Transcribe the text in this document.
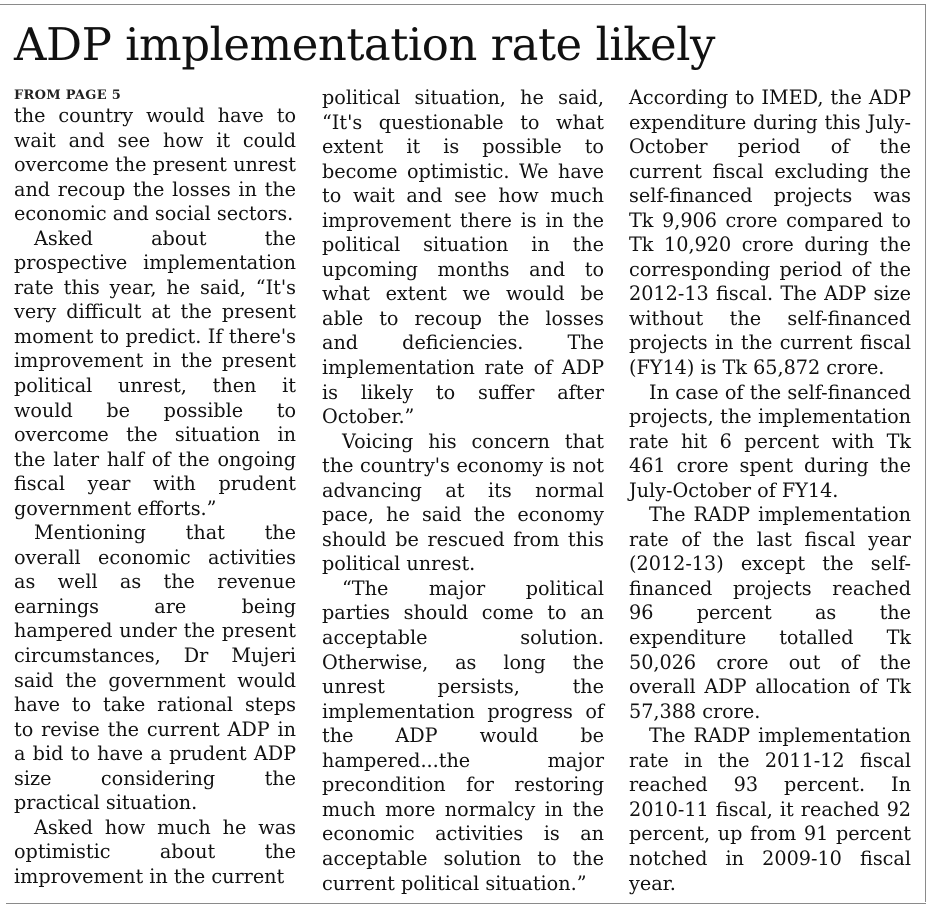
ADP implementation rate likely
FROM PAGE 5

the country would have to wait and see how it could overcome the present unrest and recoup the losses in the economic and social sectors.

Asked about the prospective implementation rate this year, he said, “It's very difficult at the present moment to predict. If there's improvement in the present political unrest, then it would be possible to overcome the situation in the later half of the ongoing fiscal year with prudent government efforts.”

Mentioning that the overall economic activities as well as the revenue earnings are being hampered under the present circumstances, Dr Mujeri said the government would have to take rational steps to revise the current ADP in a bid to have a prudent ADP size considering the practical situation.

Asked how much he was optimistic about the improvement in the current

political situation, he said, “It's questionable to what extent it is possible to become optimistic. We have to wait and see how much improvement there is in the political situation in the upcoming months and to what extent we would be able to recoup the losses and deficiencies. The implementation rate of ADP is likely to suffer after October.”

Voicing his concern that the country's economy is not advancing at its normal pace, he said the economy should be rescued from this political unrest.

“The major political parties should come to an acceptable solution. Otherwise, as long the unrest persists, the implementation progress of the ADP would be hampered...the major precondition for restoring much more normalcy in the economic activities is an acceptable solution to the current political situation.”

According to IMED, the ADP expenditure during this July-October period of the current fiscal excluding the self-financed projects was Tk 9,906 crore compared to Tk 10,920 crore during the corresponding period of the 2012-13 fiscal. The ADP size without the self-financed projects in the current fiscal (FY14) is Tk 65,872 crore.

In case of the self-financed projects, the implementation rate hit 6 percent with Tk 461 crore spent during the July-October of FY14.

The RADP implementation rate of the last fiscal year (2012-13) except the self-financed projects reached 96 percent as the expenditure totalled Tk 50,026 crore out of the overall ADP allocation of Tk 57,388 crore.

The RADP implementation rate in the 2011-12 fiscal reached 93 percent. In 2010-11 fiscal, it reached 92 percent, up from 91 percent notched in 2009-10 fiscal year.
